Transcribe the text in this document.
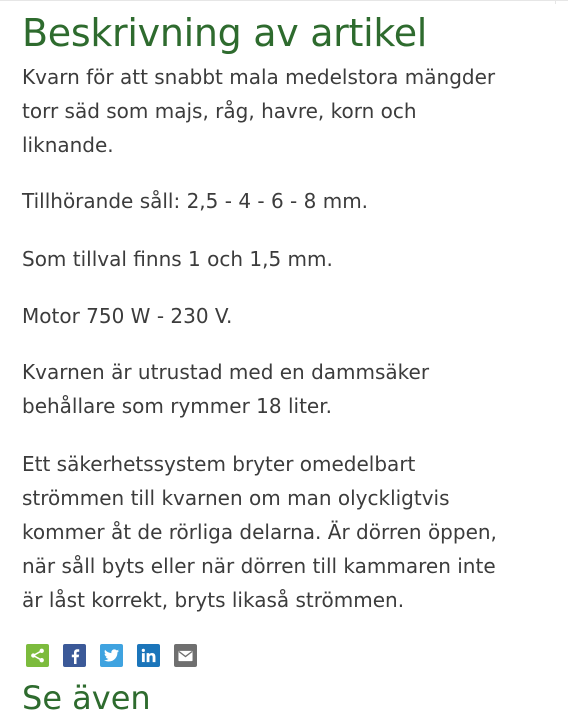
Beskrivning av artikel

Kvarn för att snabbt mala medelstora mängder
torr säd som majs, råg, havre, korn och
liknande.

Tillhörande såll: 2,5 - 4 - 6 - 8 mm.

Som tillval finns 1 och 1,5 mm.

Motor 750 W - 230 V.

Kvarnen är utrustad med en dammsäker
behållare som rymmer 18 liter.

Ett säkerhetssystem bryter omedelbart
strömmen till kvarnen om man olyckligtvis
kommer åt de rörliga delarna. Är dörren öppen,
när såll byts eller när dörren till kammaren inte
är låst korrekt, bryts likaså strömmen.

Se även
